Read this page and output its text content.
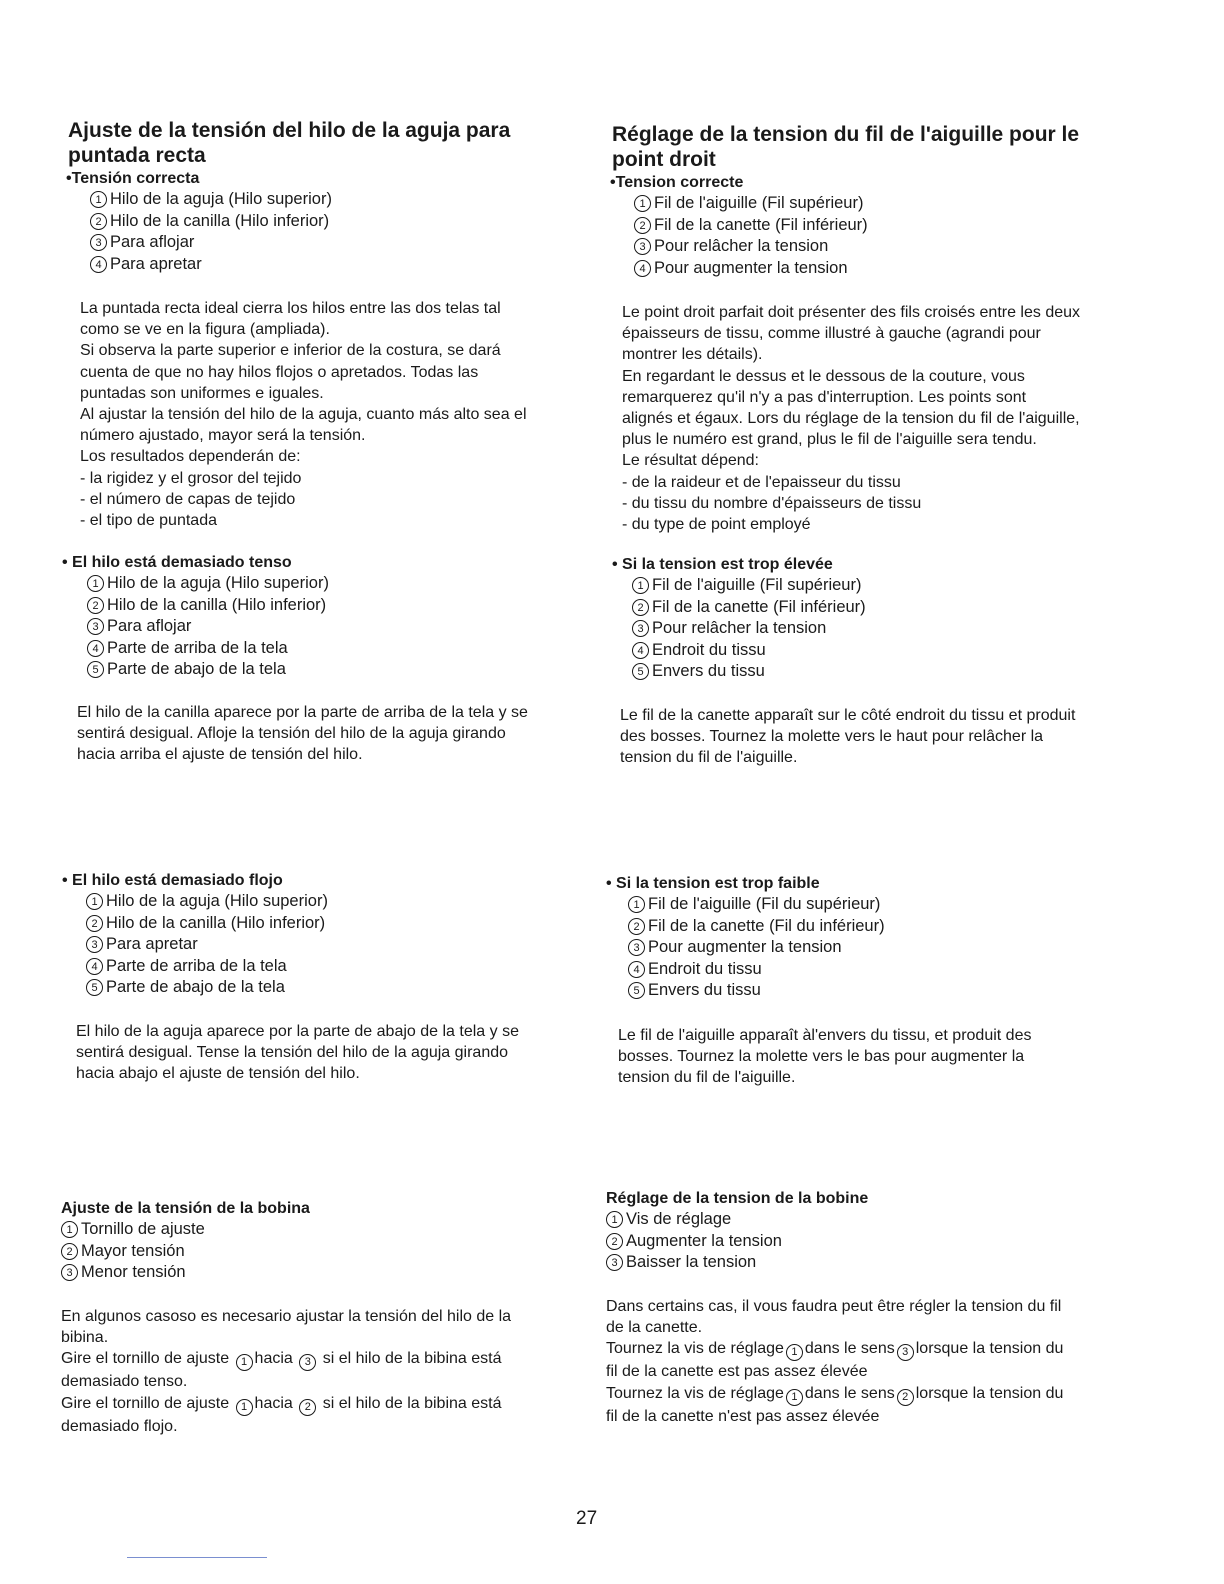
Ajuste de la tensión del hilo de la aguja para
puntada recta
•Tensión correcta
1 Hilo de la aguja (Hilo superior)
2 Hilo de la canilla (Hilo inferior)
3 Para aflojar
4 Para apretar

La puntada recta ideal cierra los hilos entre las dos telas tal

como se ve en la figura (ampliada).

Si observa la parte superior e inferior de la costura, se dará

cuenta de que no hay hilos flojos o apretados. Todas las

puntadas son uniformes e iguales.

Al ajustar la tensión del hilo de la aguja, cuanto más alto sea el

número ajustado, mayor será la tensión.

Los resultados dependerán de:

- la rigidez y el grosor del tejido

- el número de capas de tejido

- el tipo de puntada

• El hilo está demasiado tenso
1 Hilo de la aguja (Hilo superior)
2 Hilo de la canilla (Hilo inferior)
3 Para aflojar
4 Parte de arriba de la tela
5 Parte de abajo de la tela

El hilo de la canilla aparece por la parte de arriba de la tela y se

sentirá desigual. Afloje la tensión del hilo de la aguja girando

hacia arriba el ajuste de tensión del hilo.

• El hilo está demasiado flojo
1 Hilo de la aguja (Hilo superior)
2 Hilo de la canilla (Hilo inferior)
3 Para apretar
4 Parte de arriba de la tela
5 Parte de abajo de la tela

El hilo de la aguja aparece por la parte de abajo de la tela y se

sentirá desigual. Tense la tensión del hilo de la aguja girando

hacia abajo el ajuste de tensión del hilo.

Ajuste de la tensión de la bobina
1 Tornillo de ajuste
2 Mayor tensión
3 Menor tensión

En algunos casoso es necesario ajustar la tensión del hilo de la

bibina.

Gire el tornillo de ajuste 1 hacia 3 si el hilo de la bibina está

demasiado tenso.

Gire el tornillo de ajuste 1 hacia 2 si el hilo de la bibina está

demasiado flojo.

Réglage de la tension du fil de l'aiguille pour le
point droit
•Tension correcte
1 Fil de l'aiguille (Fil supérieur)
2 Fil de la canette (Fil inférieur)
3 Pour relâcher la tension
4 Pour augmenter la tension

Le point droit parfait doit présenter des fils croisés entre les deux

épaisseurs de tissu, comme illustré à gauche (agrandi pour

montrer les détails).

En regardant le dessus et le dessous de la couture, vous

remarquerez qu'il n'y a pas d'interruption. Les points sont

alignés et égaux. Lors du réglage de la tension du fil de l'aiguille,

plus le numéro est grand, plus le fil de l'aiguille sera tendu.

Le résultat dépend:

- de la raideur et de l'epaisseur du tissu

- du tissu du nombre d'épaisseurs de tissu

- du type de point employé

• Si la tension est trop élevée
1 Fil de l'aiguille (Fil supérieur)
2 Fil de la canette (Fil inférieur)
3 Pour relâcher la tension
4 Endroit du tissu
5 Envers du tissu

Le fil de la canette apparaît sur le côté endroit du tissu et produit

des bosses. Tournez la molette vers le haut pour relâcher la

tension du fil de l'aiguille.

• Si la tension est trop faible
1 Fil de l'aiguille (Fil du supérieur)
2 Fil de la canette (Fil du inférieur)
3 Pour augmenter la tension
4 Endroit du tissu
5 Envers du tissu

Le fil de l'aiguille apparaît àl'envers du tissu, et produit des

bosses. Tournez la molette vers le bas pour augmenter la

tension du fil de l'aiguille.

Réglage de la tension de la bobine
1 Vis de réglage
2 Augmenter la tension
3 Baisser la tension

Dans certains cas, il vous faudra peut être régler la tension du fil

de la canette.

Tournez la vis de réglage 1 dans le sens 3 lorsque la tension du

fil de la canette est pas assez élevée

Tournez la vis de réglage 1 dans le sens 2 lorsque la tension du

fil de la canette n'est pas assez élevée

27
